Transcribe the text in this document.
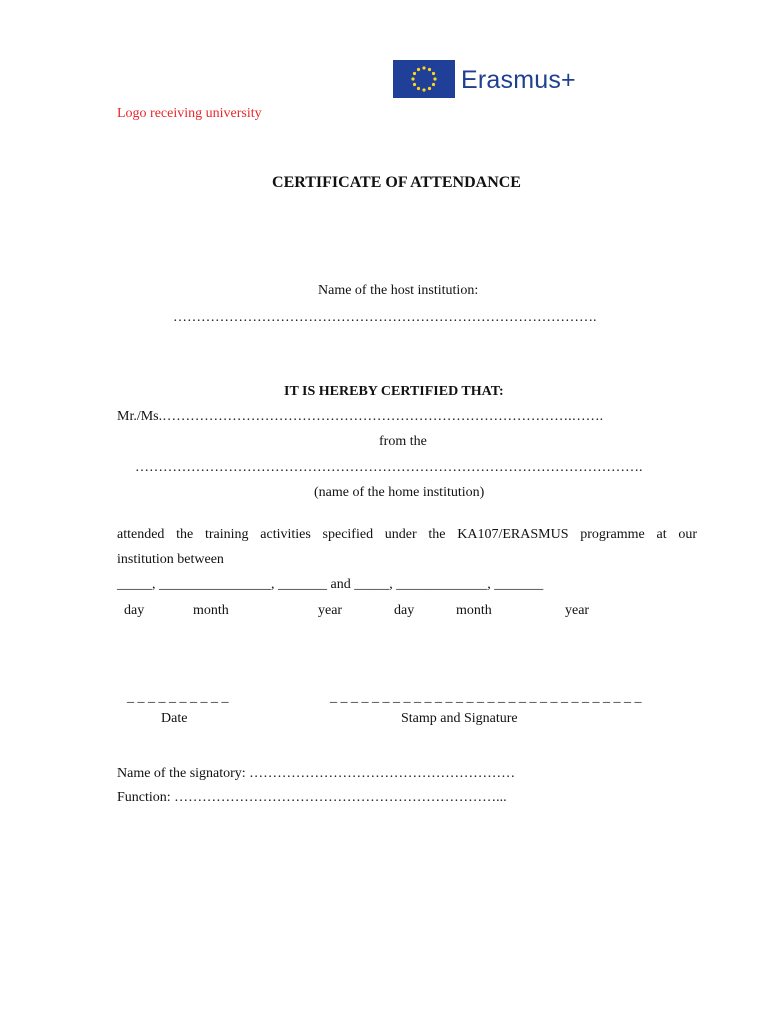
Logo receiving university
Erasmus+
CERTIFICATE OF ATTENDANCE
Name of the host institution:
……………………………………………………………………………….
IT IS HEREBY CERTIFIED THAT:
Mr./Ms.…………………………………………………………………………….…….
from the
……………………………………………………………………………………………….
(name of the home institution)
attended the training activities specified under the KA107/ERASMUS programme at our
institution between
_____, ________________, _______ and _____, _____________, _______
day	month	year	day	month	year
_ _ _ _ _ _ _ _ _ _	_ _ _ _ _ _ _ _ _ _ _ _ _ _ _ _ _ _ _ _ _ _ _ _ _ _ _ _ _ _
Date	Stamp and Signature
Name of the signatory: …………………………………………………
Function: ……………………………………………………………...
